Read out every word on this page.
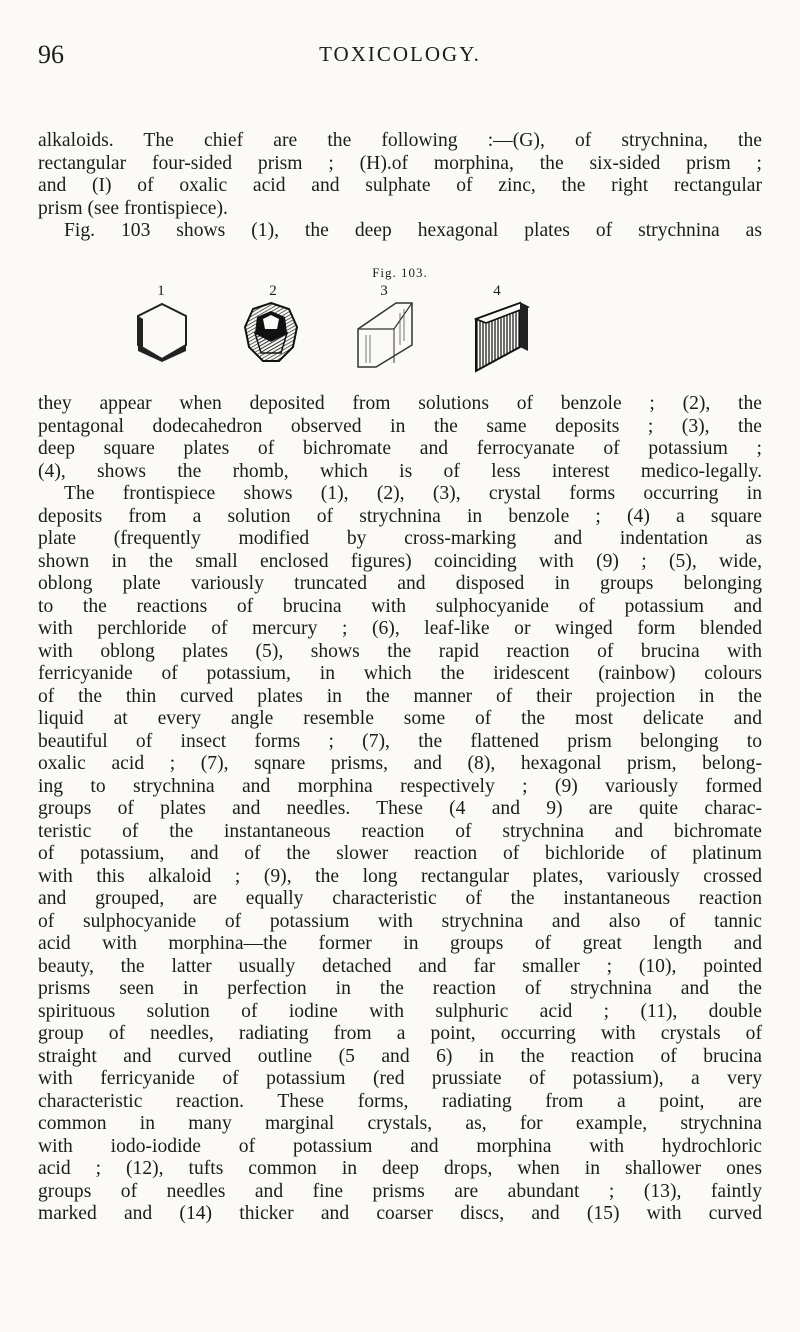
96	TOXICOLOGY.
alkaloids. The chief are the following :—(G), of strychnina, the
rectangular four-sided prism ; (H).of morphina, the six-sided prism ;
and (I) of oxalic acid and sulphate of zinc, the right rectangular
prism (see frontispiece).
Fig. 103 shows (1), the deep hexagonal plates of strychnina as
Fig. 103.
1	2	3	4
they appear when deposited from solutions of benzole ; (2), the
pentagonal dodecahedron observed in the same deposits ; (3), the
deep square plates of bichromate and ferrocyanate of potassium ;
(4), shows the rhomb, which is of less interest medico-legally.
The frontispiece shows (1), (2), (3), crystal forms occurring in
deposits from a solution of strychnina in benzole ; (4) a square
plate (frequently modified by cross-marking and indentation as
shown in the small enclosed figures) coinciding with (9) ; (5), wide,
oblong plate variously truncated and disposed in groups belonging
to the reactions of brucina with sulphocyanide of potassium and
with perchloride of mercury ; (6), leaf-like or winged form blended
with oblong plates (5), shows the rapid reaction of brucina with
ferricyanide of potassium, in which the iridescent (rainbow) colours
of the thin curved plates in the manner of their projection in the
liquid at every angle resemble some of the most delicate and
beautiful of insect forms ; (7), the flattened prism belonging to
oxalic acid ; (7), sqnare prisms, and (8), hexagonal prism, belong-
ing to strychnina and morphina respectively ; (9) variously formed
groups of plates and needles. These (4 and 9) are quite charac-
teristic of the instantaneous reaction of strychnina and bichromate
of potassium, and of the slower reaction of bichloride of platinum
with this alkaloid ; (9), the long rectangular plates, variously crossed
and grouped, are equally characteristic of the instantaneous reaction
of sulphocyanide of potassium with strychnina and also of tannic
acid with morphina—the former in groups of great length and
beauty, the latter usually detached and far smaller ; (10), pointed
prisms seen in perfection in the reaction of strychnina and the
spirituous solution of iodine with sulphuric acid ; (11), double
group of needles, radiating from a point, occurring with crystals of
straight and curved outline (5 and 6) in the reaction of brucina
with ferricyanide of potassium (red prussiate of potassium), a very
characteristic reaction. These forms, radiating from a point, are
common in many marginal crystals, as, for example, strychnina
with iodo-iodide of potassium and morphina with hydrochloric
acid ; (12), tufts common in deep drops, when in shallower ones
groups of needles and fine prisms are abundant ; (13), faintly
marked and (14) thicker and coarser discs, and (15) with curved
